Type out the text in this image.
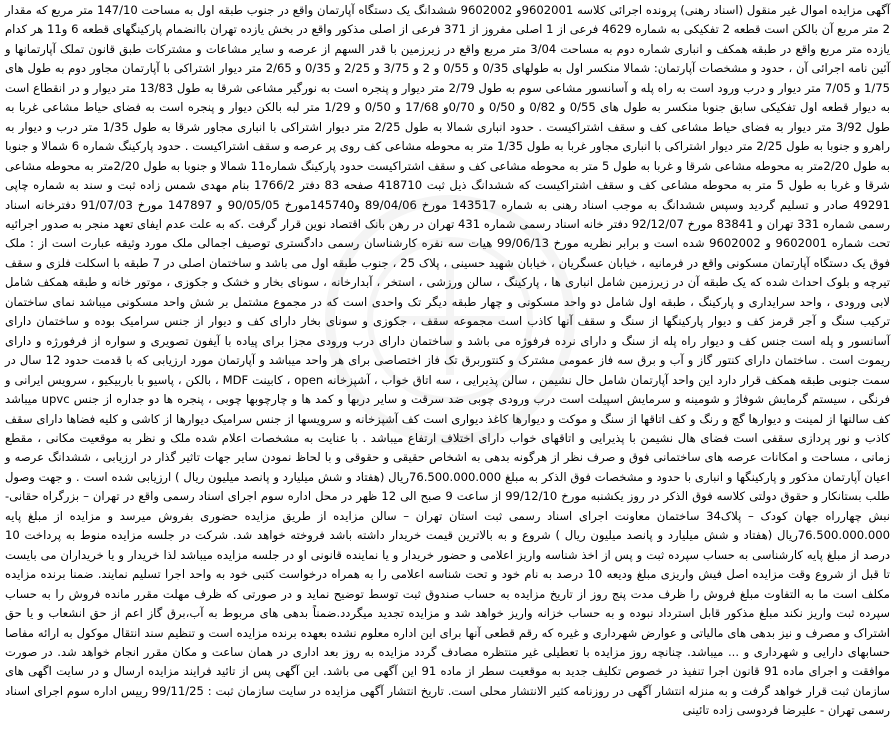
آگهی مزایده اموال غیر منقول (اسناد رهنی) پرونده اجرائی کلاسه 9602001و 9602002 ششدانگ یک دستگاه آپارتمان واقع در جنوب طبقه اول به مساحت 147/10 متر مربع که مقدار 2 متر مربع آن بالکن است قطعه 2 تفکیکی به شماره 4629 فرعی از 1 اصلی مفروز از 371 فرعی از اصلی مذکور واقع در بخش یازده تهران باانضمام پارکینگهای قطعه 6 و11 هر کدام یازده متر مربع واقع در طبقه همکف و انباری شماره دوم به مساحت 3/04 متر مربع واقع در زیرزمین با قدر السهم از عرصه و سایر مشاعات و مشترکات طبق قانون تملک آپارتمانها و آئین نامه اجرائی آن ، حدود و مشخصات آپارتمان: شمالا منکسر اول به طولهای 0/35 و 0/55 و 2 و 3/75 و 2/25 و 0/35 و 2/65 متر دیوار اشتراکی با آپارتمان مجاور دوم به طول های 1/75 و 7/05 متر دیوار و درب ورود است به راه پله و آسانسور مشاعی سوم به طول 2/79 متر دیوار و پنجره است به نورگیر مشاعی شرقا به طول 13/83 متر دیوار و در انقطاع است به دیوار قطعه اول تفکیکی سابق جنوبا منکسر به طول های 0/55 و 0/82 و 0/50 و 0/70و 17/68 و 0/50 و 1/29 متر لبه بالکن دیوار و پنجره است به فضای حیاط مشاعی غربا به طول 3/92 متر دیوار به فضای حیاط مشاعی کف و سقف اشتراکیست . حدود انباری شمالا به طول 2/25 متر دیوار اشتراکی با انباری مجاور شرقا به طول 1/35 متر درب و دیوار به راهرو و جنوبا به طول 2/25 متر دیوار اشتراکی با انباری مجاور غربا به طول 1/35 متر به محوطه مشاعی کف روی پر عرصه و سقف اشتراکیست . حدود پارکینگ شماره 6 شمالا و جنوبا به طول 2/20متر به محوطه مشاعی شرقا و غربا به طول 5 متر به محوطه مشاعی کف و سقف اشتراکیست حدود پارکینگ شماره11 شمالا و جنوبا به طول 2/20متر به محوطه مشاعی شرقا و غربا به طول 5 متر به محوطه مشاعی کف و سقف اشتراکیست که ششدانگ ذیل ثبت 418710 صفحه 83 دفتر 1766/2 بنام مهدی شمس زاده ثبت و سند به شماره چاپی 49291 صادر و تسلیم گردید وسپس ششدانگ به موجب اسناد رهنی به شماره 143517 مورخ 89/04/06 و145740مورخ 90/05/05 و 147897 مورخ 91/07/03 دفترخانه اسناد رسمی شماره 331 تهران و 83841 مورخ 92/12/07 دفتر خانه اسناد رسمی شماره 431 تهران در رهن بانک اقتصاد نوین قرار گرفت .که به علت عدم ایفای تعهد منجر به صدور اجرائیه تحت شماره 9602001 و 9602002 شده است و برابر نظریه مورخ 99/06/13 هیات سه نفره کارشناسان رسمی دادگستری توصیف اجمالی ملک مورد وثیقه عبارت است از : ملک فوق یک دستگاه آپارتمان مسکونی واقع در فرمانیه ، خیابان عسگریان ، خیابان شهید حسینی ، پلاک 25 ، جنوب طبقه اول می باشد و ساختمان اصلی در 7 طبقه با اسکلت فلزی و سقف تیرچه و بلوک احداث شده که یک طبقه آن در زیرزمین شامل انباری ها ، پارکینگ ، سالن ورزشی ، استخر ، آبدارخانه ، سونای بخار و خشک و جکوزی ، موتور خانه و طبقه همکف شامل لابی ورودی ، واحد سرایداری و پارکینگ ، طبقه اول شامل دو واحد مسکونی و چهار طبقه دیگر تک واحدی است که در مجموع مشتمل بر شش واحد مسکونی میباشد نمای ساختمان ترکیب سنگ و آجر قرمز کف و دیوار پارکینگها از سنگ و سقف آنها کاذب است مجموعه سقف ، جکوزی و سونای بخار دارای کف و دیوار از جنس سرامیک بوده و ساختمان دارای آسانسور و پله است جنس کف و دیوار راه پله از سنگ و دارای نرده فرفوژه می باشد و ساختمان دارای درب ورودی مجزا برای پیاده با آیفون تصویری و سواره از فرفورژه و دارای ریموت است . ساختمان دارای کنتور گاز و آب و برق سه فاز عمومی مشترک و کنتوربرق تک فاز اختصاصی برای هر واحد میباشد و آپارتمان مورد ارزیابی که با قدمت حدود 12 سال در سمت جنوبی طبقه همکف قرار دارد این واحد آپارتمان شامل حال نشیمن ، سالن پذیرایی ، سه اتاق خواب ، آشپزخانه open ، کابینت MDF ، بالکن ، پاسیو با باربیکیو ، سرویس ایرانی و فرنگی ، سیستم گرمایش شوفاژ و شومینه و سرمایش اسپیلت است درب ورودی چوبی ضد سرقت و سایر دربها و کمد ها و چارچوبها چوبی ، پنجره ها دو جداره از جنس upvc میباشد کف سالنها از لمینت و دیوارها گچ و رنگ و کف اتاقها از سنگ و موکت و دیوارها کاغذ دیواری است کف آشپزخانه و سرویسها از جنس سرامیک دیوارها از کاشی و کلیه فضاها دارای سقف کاذب و نور پردازی سقفی است فضای هال نشیمن با پذیرایی و اتاقهای خواب دارای اختلاف ارتفاع میباشد . با عنایت به مشخصات اعلام شده ملک و نظر به موقعیت مکانی ، مقطع زمانی ، مساحت و امکانات عرصه های ساختمانی فوق و صرف نظر از هرگونه بدهی به اشخاص حقیقی و حقوقی و با لحاظ نمودن سایر جهات تاثیر گذار در ارزیابی ، ششدانگ عرصه و اعیان آپارتمان مذکور و پارکینگها و انباری با حدود و مشخصات فوق الذکر به مبلغ 76.500.000.000ریال (هفتاد و شش میلیارد و پانصد میلیون ریال ) ارزیابی شده است . و جهت وصول طلب بستانکار و حقوق دولتی کلاسه فوق الذکر در روز یکشنبه مورخ 99/12/10 از ساعت 9 صبح الی 12 ظهر در محل اداره سوم اجرای اسناد رسمی واقع در تهران – بزرگراه حقانی- نبش چهارراه جهان کودک – پلاک34 ساختمان معاونت اجرای اسناد رسمی ثبت استان تهران – سالن مزایده از طریق مزایده حضوری بفروش میرسد و مزایده از مبلغ پایه 76.500.000.000ریال (هفتاد و شش میلیارد و پانصد میلیون ریال ) شروع و به بالاترین قیمت خریدار داشته باشد فروخته خواهد شد. شرکت در جلسه مزایده منوط به پرداخت 10 درصد از مبلغ پایه کارشناسی به حساب سپرده ثبت و پس از اخذ شناسه واریز اعلامی و حضور خریدار و یا نماینده قانونی او در جلسه مزایده میباشد لذا خریدار و یا خریداران می بایست تا قبل از شروع وقت مزایده اصل فیش واریزی مبلغ ودیعه 10 درصد به نام خود و تحت شناسه اعلامی را به همراه درخواست کتبی خود به واحد اجرا تسلیم نمایند. ضمنا برنده مزایده مکلف است ما به التفاوت مبلغ فروش را ظرف مدت پنج روز از تاریخ مزایده به حساب صندوق ثبت توسط توضیح نماید و در صورتی که ظرف مهلت مقرر مانده فروش را به حساب سپرده ثبت واریز نکند مبلغ مذکور قابل استرداد نبوده و به حساب خزانه واریز خواهد شد و مزایده تجدید میگردد.ضمناً بدهی های مربوط به آب،برق گاز اعم از حق انشعاب و یا حق اشتراک و مصرف و نیز بدهی های مالیاتی و عوارض شهرداری و غیره که رقم قطعی آنها برای این اداره معلوم نشده بعهده برنده مزایده است و تنظیم سند انتقال موکول به ارائه مفاصا حسابهای دارایی و شهرداری و ... میباشد. چنانچه روز مزایده با تعطیلی غیر منتظره مصادف گردد مزایده به روز بعد اداری در همان ساعت و مکان مقرر انجام خواهد شد. در صورت موافقت و اجرای ماده 91 قانون اجرا تنفیذ در خصوص تکلیف جدید به موقعیت سطر از ماده 91 این آگهی می باشد. این آگهی پس از تائید فرایند مزایده ارسال و در سایت اگهی های سازمان ثبت قرار خواهد گرفت و به منزله انتشار آگهی در روزنامه کثیر الانتشار محلی است. تاریخ انتشار آگهی مزایده در سایت سازمان ثبت : 99/11/25 رییس اداره سوم اجرای اسناد رسمی تهران - علیرضا فردوسی زاده تائینی
